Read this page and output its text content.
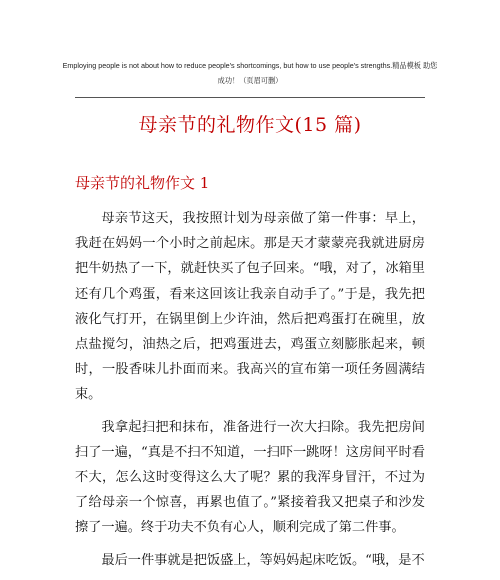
Employing people is not about how to reduce people's shortcomings, but how to use people's strengths.精品模板 助您成功！（页眉可删）
母亲节的礼物作文(15 篇)
母亲节的礼物作文 1

母亲节这天，我按照计划为母亲做了第一件事：早上，我赶在妈妈一个小时之前起床。那是天才蒙蒙亮我就进厨房把牛奶热了一下，就赶快买了包子回来。“哦，对了，冰箱里还有几个鸡蛋，看来这回该让我亲自动手了。”于是，我先把液化气打开，在锅里倒上少许油，然后把鸡蛋打在碗里，放点盐搅匀，油热之后，把鸡蛋进去，鸡蛋立刻膨胀起来，顿时，一股香味儿扑面而来。我高兴的宣布第一项任务圆满结束。

我拿起扫把和抹布，准备进行一次大扫除。我先把房间扫了一遍，“真是不扫不知道，一扫吓一跳呀！这房间平时看不大，怎么这时变得这么大了呢？累的我浑身冒汗，不过为了给母亲一个惊喜，再累也值了。”紧接着我又把桌子和沙发擦了一遍。终于功夫不负有心人，顺利完成了第二件事。

最后一件事就是把饭盛上，等妈妈起床吃饭。“哦，是不
